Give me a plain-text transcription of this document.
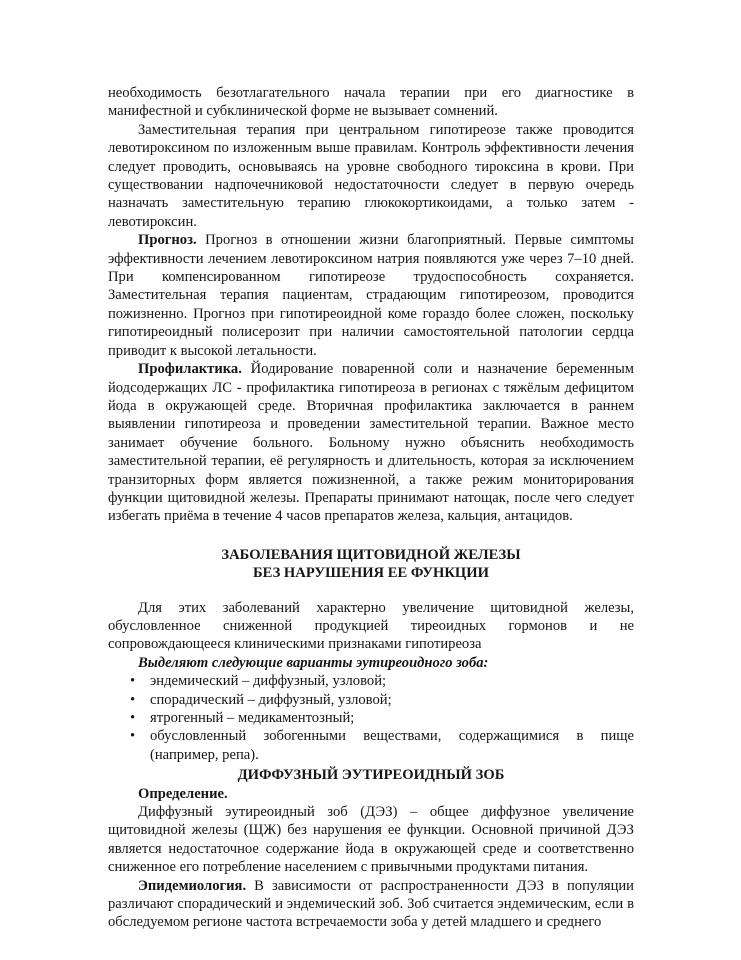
необходимость безотлагательного начала терапии при его диагностике в манифестной и субклинической форме не вызывает сомнений.

Заместительная терапия при центральном гипотиреозе также проводится левотироксином по изложенным выше правилам. Контроль эффективности лечения следует проводить, основываясь на уровне свободного тироксина в крови. При существовании надпочечниковой недостаточности следует в первую очередь назначать заместительную терапию глюкокортикоидами, а только затем - левотироксин.

Прогноз. Прогноз в отношении жизни благоприятный. Первые симптомы эффективности лечением левотироксином натрия появляются уже через 7–10 дней. При компенсированном гипотиреозе трудоспособность сохраняется. Заместительная терапия пациентам, страдающим гипотиреозом, проводится пожизненно. Прогноз при гипотиреоидной коме гораздо более сложен, поскольку гипотиреоидный полисерозит при наличии самостоятельной патологии сердца приводит к высокой летальности.

Профилактика. Йодирование поваренной соли и назначение беременным йодсодержащих ЛС - профилактика гипотиреоза в регионах с тяжёлым дефицитом йода в окружающей среде. Вторичная профилактика заключается в раннем выявлении гипотиреоза и проведении заместительной терапии. Важное место занимает обучение больного. Больному нужно объяснить необходимость заместительной терапии, её регулярность и длительность, которая за исключением транзиторных форм является пожизненной, а также режим мониторирования функции щитовидной железы. Препараты принимают натощак, после чего следует избегать приёма в течение 4 часов препаратов железа, кальция, антацидов.

ЗАБОЛЕВАНИЯ ЩИТОВИДНОЙ ЖЕЛЕЗЫ

БЕЗ НАРУШЕНИЯ ЕЕ ФУНКЦИИ

Для этих заболеваний характерно увеличение щитовидной железы, обусловленное сниженной продукцией тиреоидных гормонов и не сопровождающееся клиническими признаками гипотиреоза

Выделяют следующие варианты эутиреоидного зоба:

• эндемический – диффузный, узловой;
• спорадический – диффузный, узловой;
• ятрогенный – медикаментозный;
• обусловленный зобогенными веществами, содержащимися в пище (например, репа).

ДИФФУЗНЫЙ ЭУТИРЕОИДНЫЙ ЗОБ

Определение.

Диффузный эутиреоидный зоб (ДЭЗ) – общее диффузное увеличение щитовидной железы (ЩЖ) без нарушения ее функции. Основной причиной ДЭЗ является недостаточное содержание йода в окружающей среде и соответственно сниженное его потребление населением с привычными продуктами питания.

Эпидемиология. В зависимости от распространенности ДЭЗ в популяции различают спорадический и эндемический зоб. Зоб считается эндемическим, если в обследуемом регионе частота встречаемости зоба у детей младшего и среднего
